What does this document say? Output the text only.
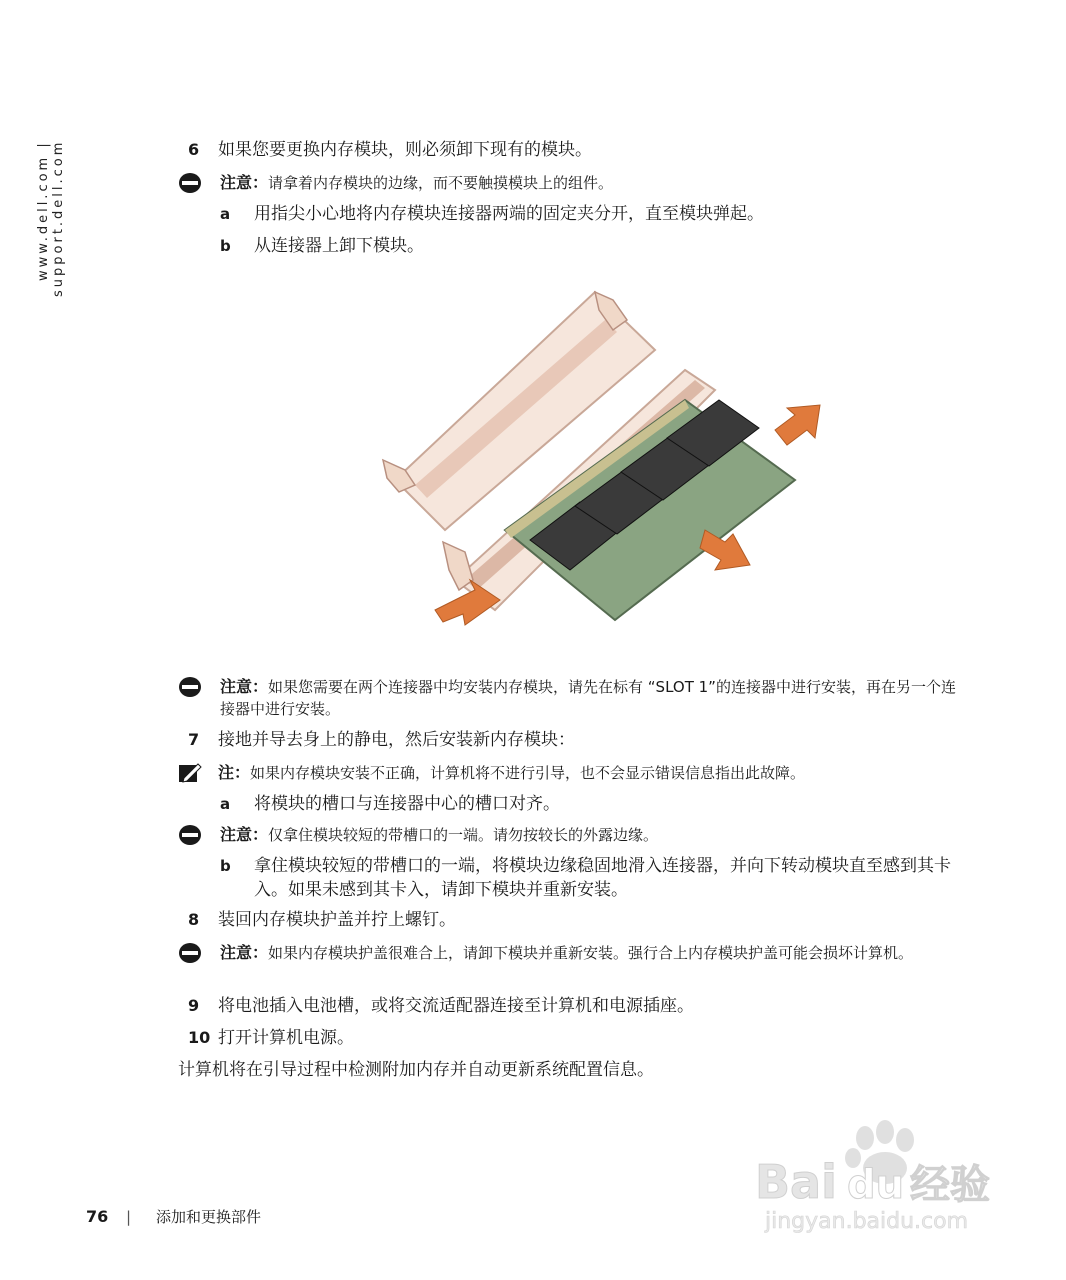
www.dell.com | support.dell.com	6 如果您要更换内存模块，则必须卸下现有的模块。
注意：请拿着内存模块的边缘，而不要触摸模块上的组件。
a 用指尖小心地将内存模块连接器两端的固定夹分开，直至模块弹起。
b 从连接器上卸下模块。
注意：如果您需要在两个连接器中均安装内存模块，请先在标有 “SLOT 1”的连接器中进行安装，再在另一个连接器中进行安装。
7 接地并导去身上的静电，然后安装新内存模块：
注：如果内存模块安装不正确，计算机将不进行引导，也不会显示错误信息指出此故障。
a 将模块的槽口与连接器中心的槽口对齐。
注意：仅拿住模块较短的带槽口的一端。请勿按较长的外露边缘。
b 拿住模块较短的带槽口的一端，将模块边缘稳固地滑入连接器，并向下转动模块直至感到其卡入。如果未感到其卡入，请卸下模块并重新安装。
8 装回内存模块护盖并拧上螺钉。
注意：如果内存模块护盖很难合上，请卸下模块并重新安装。强行合上内存模块护盖可能会损坏计算机。
9 将电池插入电池槽，或将交流适配器连接至计算机和电源插座。
10 打开计算机电源。
计算机将在引导过程中检测附加内存并自动更新系统配置信息。
76 | 添加和更换部件
Bai du 经验
jingyan.baidu.com
